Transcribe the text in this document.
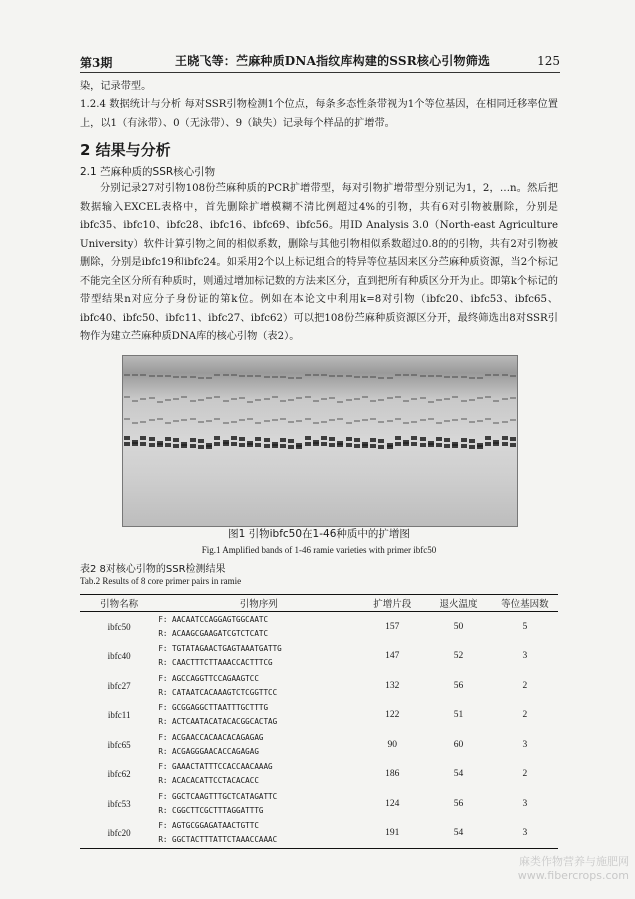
第3期	王晓飞等：苎麻种质DNA指纹库构建的SSR核心引物筛选	125
染，记录带型。
1.2.4 数据统计与分析 每对SSR引物检测1个位点，每条多态性条带视为1个等位基因，在相同迁移率位置上，以1（有泳带）、0（无泳带）、9（缺失）记录每个样品的扩增带。
2 结果与分析
2.1 苎麻种质的SSR核心引物
分别记录27对引物108份苎麻种质的PCR扩增带型，每对引物扩增带型分别记为1，2，…n。然后把数据输入EXCEL表格中，首先删除扩增模糊不清比例超过4%的引物，共有6对引物被删除，分别是ibfc35、ibfc10、ibfc28、ibfc16、ibfc69、ibfc56。用ID Analysis 3.0（North-east Agriculture University）软件计算引物之间的相似系数，删除与其他引物相似系数超过0.8的的引物，共有2对引物被删除，分别是ibfc19和ibfc24。如采用2个以上标记组合的特异等位基因来区分苎麻种质资源，当2个标记不能完全区分所有种质时，则通过增加标记数的方法来区分，直到把所有种质区分开为止。即第k个标记的带型结果n对应分子身份证的第k位。例如在本论文中利用k=8对引物（ibfc20、ibfc53、ibfc65、ibfc40、ibfc50、ibfc11、ibfc27、ibfc62）可以把108份苎麻种质资源区分开，最终筛选出8对SSR引物作为建立苎麻种质DNA库的核心引物（表2）。
图1 引物ibfc50在1-46种质中的扩增图
Fig.1 Amplified bands of 1-46 ramie varieties with primer ibfc50
表2 8对核心引物的SSR检测结果
Tab.2 Results of 8 core primer pairs in ramie
引物名称	引物序列	扩增片段	退火温度	等位基因数
ibfc50	F: AACAATCCAGGAGTGGCAATC
R: ACAAGCGAAGATCGTCTCATC	157	50	5
ibfc40	F: TGTATAGAACTGAGTAAATGATTG
R: CAACTTTCTTAAACCACTTTCG	147	52	3
ibfc27	F: AGCCAGGTTCCAGAAGTCC
R: CATAATCACAAAGTCTCGGTTCC	132	56	2
ibfc11	F: GCGGAGGCTTAATTTGCTTTG
R: ACTCAATACATACACGGCACTAG	122	51	2
ibfc65	F: ACGAACCACAACACAGAGAG
R: ACGAGGGAACACCAGAGAG	90	60	3
ibfc62	F: GAAACTATTTCCACCAACAAAG
R: ACACACATTCCTACACACC	186	54	2
ibfc53	F: GGCTCAAGTTTGCTCATAGATTC
R: CGGCTTCGCTTTAGGATTTG	124	56	3
ibfc20	F: AGTGCGGAGATAACTGTTC
R: GGCTACTTTATTCTAAACCAAAC	191	54	3
麻类作物营养与施肥网
www.fibercrops.com
